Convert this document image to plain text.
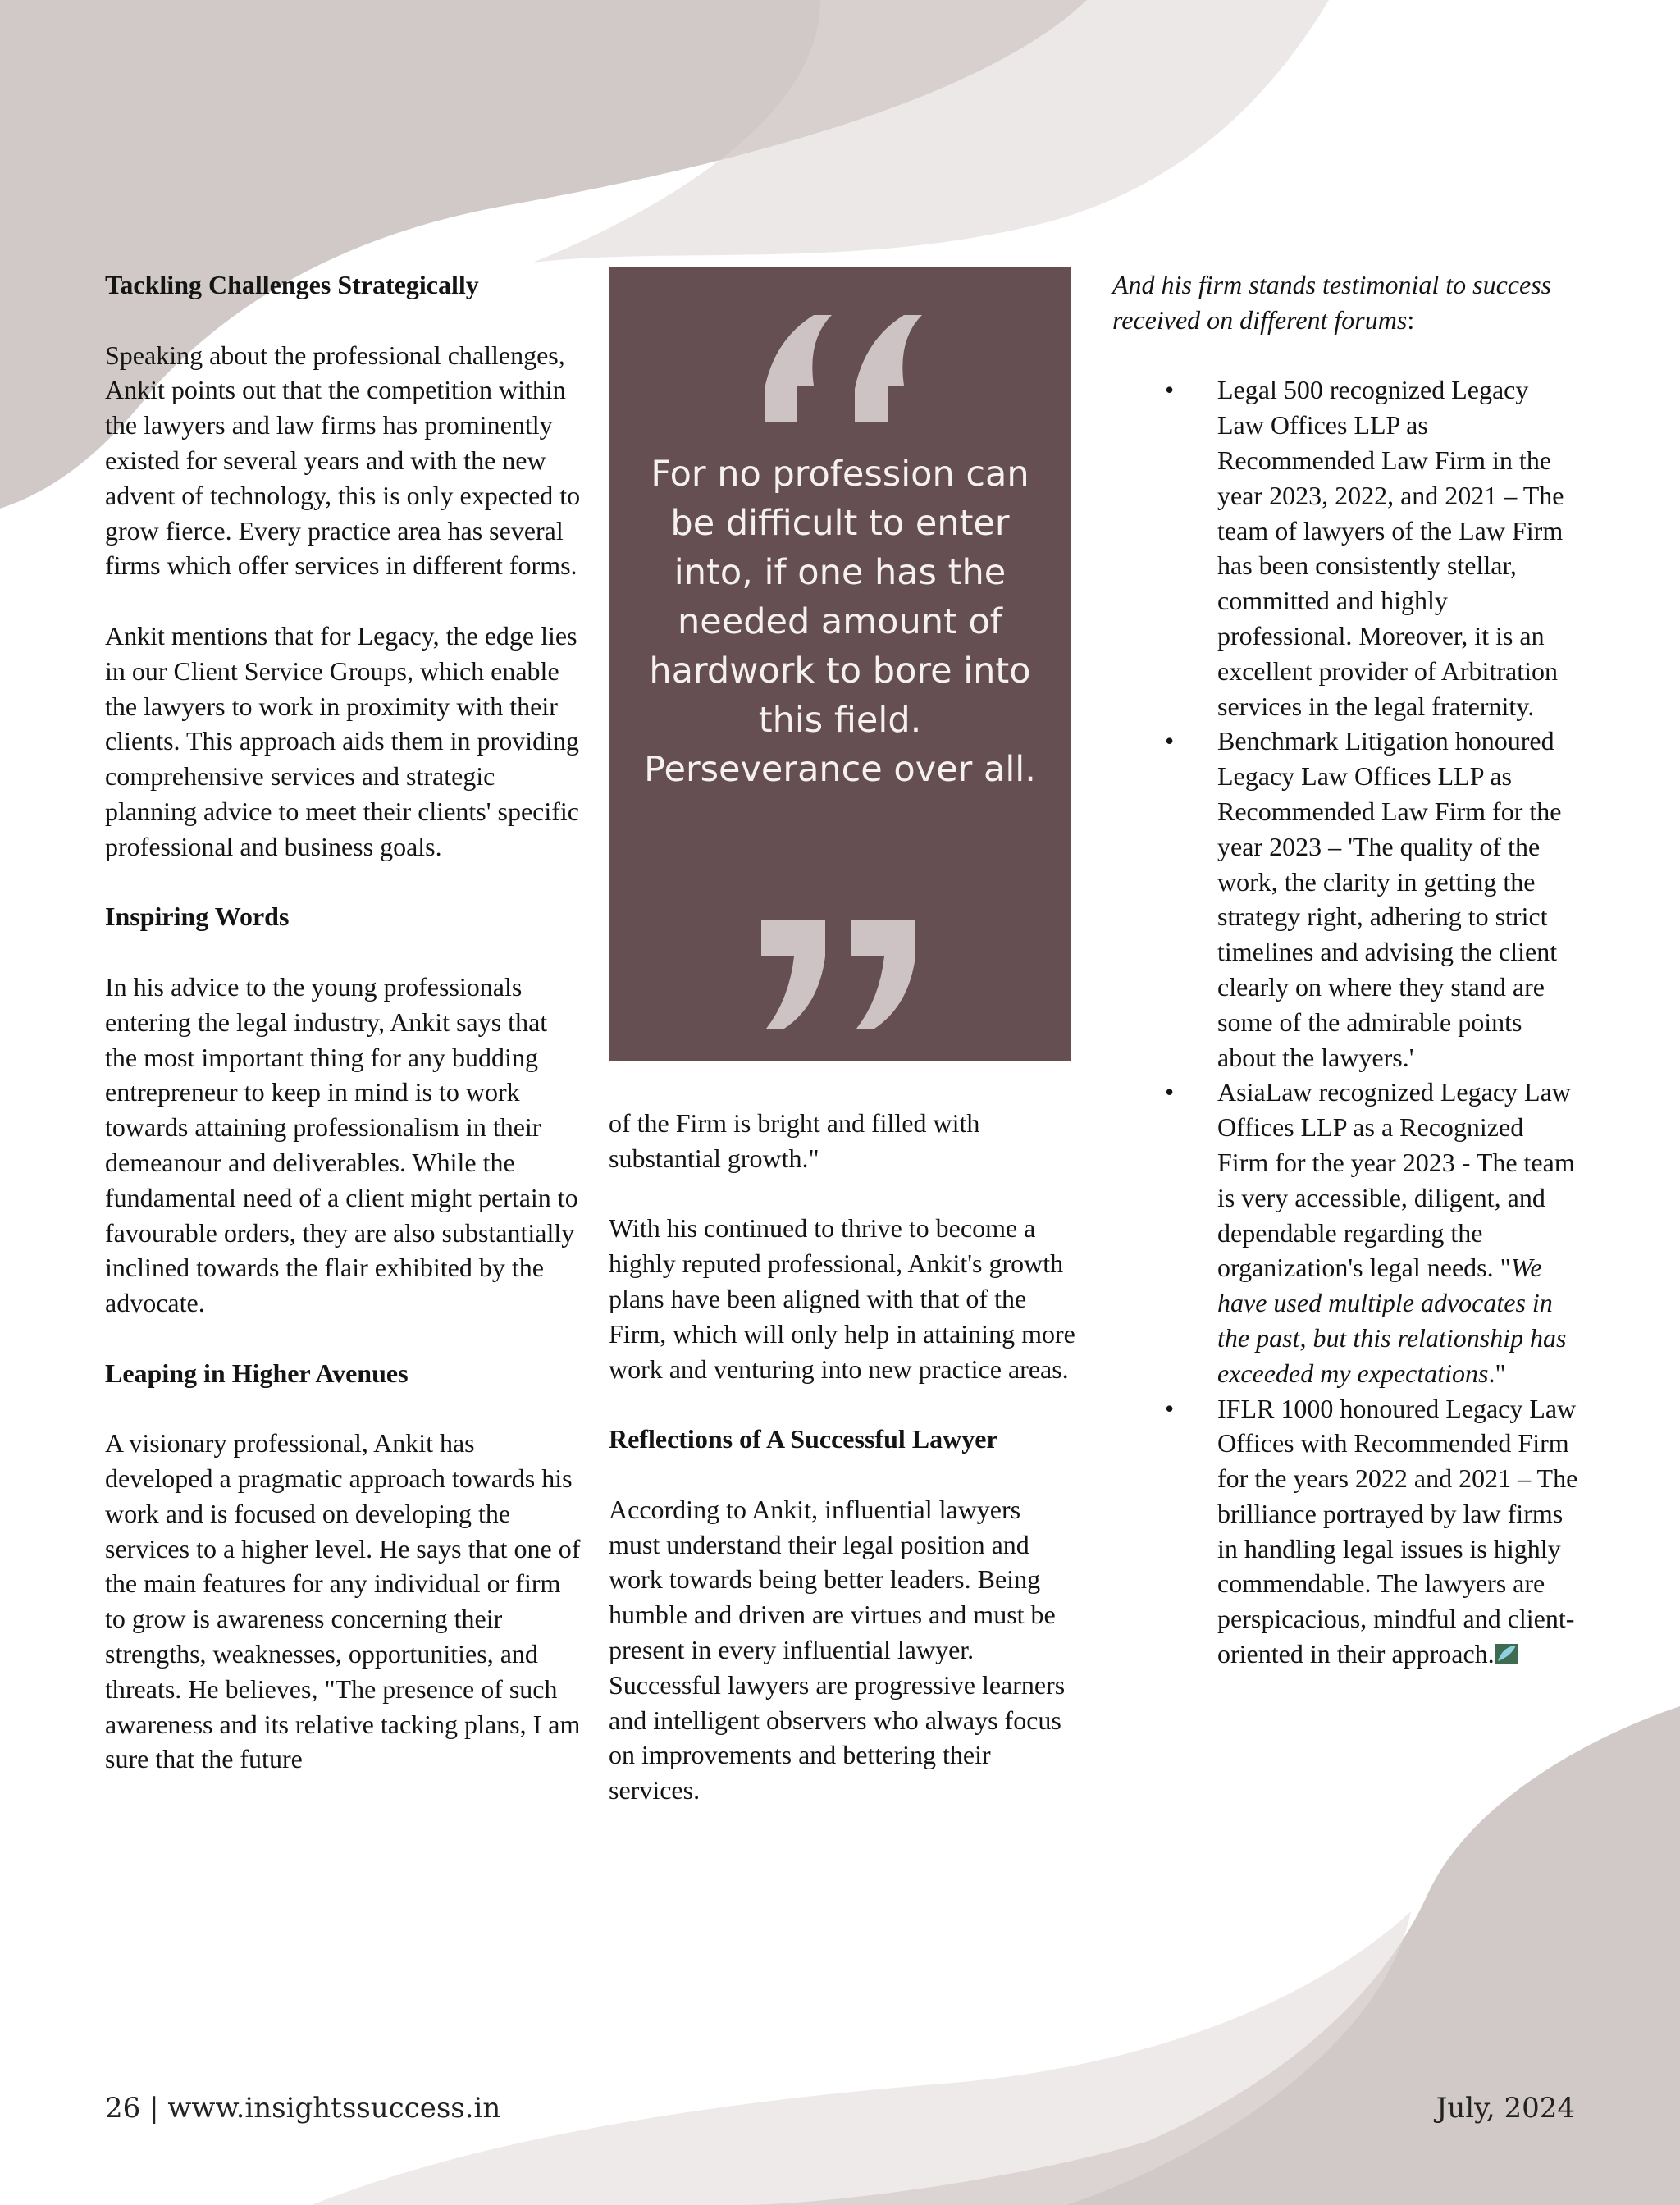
Tackling Challenges Strategically

Speaking about the professional challenges, Ankit points out that the competition within the lawyers and law firms has prominently existed for several years and with the new advent of technology, this is only expected to grow fierce. Every practice area has several firms which offer services in different forms.

Ankit mentions that for Legacy, the edge lies in our Client Service Groups, which enable the lawyers to work in proximity with their clients. This approach aids them in providing comprehensive services and strategic planning advice to meet their clients' specific professional and business goals.

Inspiring Words

In his advice to the young professionals entering the legal industry, Ankit says that the most important thing for any budding entrepreneur to keep in mind is to work towards attaining professionalism in their demeanour and deliverables. While the fundamental need of a client might pertain to favourable orders, they are also substantially inclined towards the flair exhibited by the advocate.

Leaping in Higher Avenues

A visionary professional, Ankit has developed a pragmatic approach towards his work and is focused on developing the services to a higher level. He says that one of the main features for any individual or firm to grow is awareness concerning their strengths, weaknesses, opportunities, and threats. He believes, "The presence of such awareness and its relative tacking plans, I am sure that the future

For no profession can be difficult to enter into, if one has the needed amount of hardwork to bore into this field. Perseverance over all.

of the Firm is bright and filled with substantial growth."

With his continued to thrive to become a highly reputed professional, Ankit's growth plans have been aligned with that of the Firm, which will only help in attaining more work and venturing into new practice areas.

Reflections of A Successful Lawyer

According to Ankit, influential lawyers must understand their legal position and work towards being better leaders. Being humble and driven are virtues and must be present in every influential lawyer. Successful lawyers are progressive learners and intelligent observers who always focus on improvements and bettering their services.

And his firm stands testimonial to success received on different forums:

• Legal 500 recognized Legacy Law Offices LLP as Recommended Law Firm in the year 2023, 2022, and 2021 – The team of lawyers of the Law Firm has been consistently stellar, committed and highly professional. Moreover, it is an excellent provider of Arbitration services in the legal fraternity.
• Benchmark Litigation honoured Legacy Law Offices LLP as Recommended Law Firm for the year 2023 – 'The quality of the work, the clarity in getting the strategy right, adhering to strict timelines and advising the client clearly on where they stand are some of the admirable points about the lawyers.'
• AsiaLaw recognized Legacy Law Offices LLP as a Recognized Firm for the year 2023 - The team is very accessible, diligent, and dependable regarding the organization's legal needs. "We have used multiple advocates in the past, but this relationship has exceeded my expectations."
• IFLR 1000 honoured Legacy Law Offices with Recommended Firm for the years 2022 and 2021 – The brilliance portrayed by law firms in handling legal issues is highly commendable. The lawyers are perspicacious, mindful and client-oriented in their approach.
26 | www.insightssuccess.in	July, 2024
